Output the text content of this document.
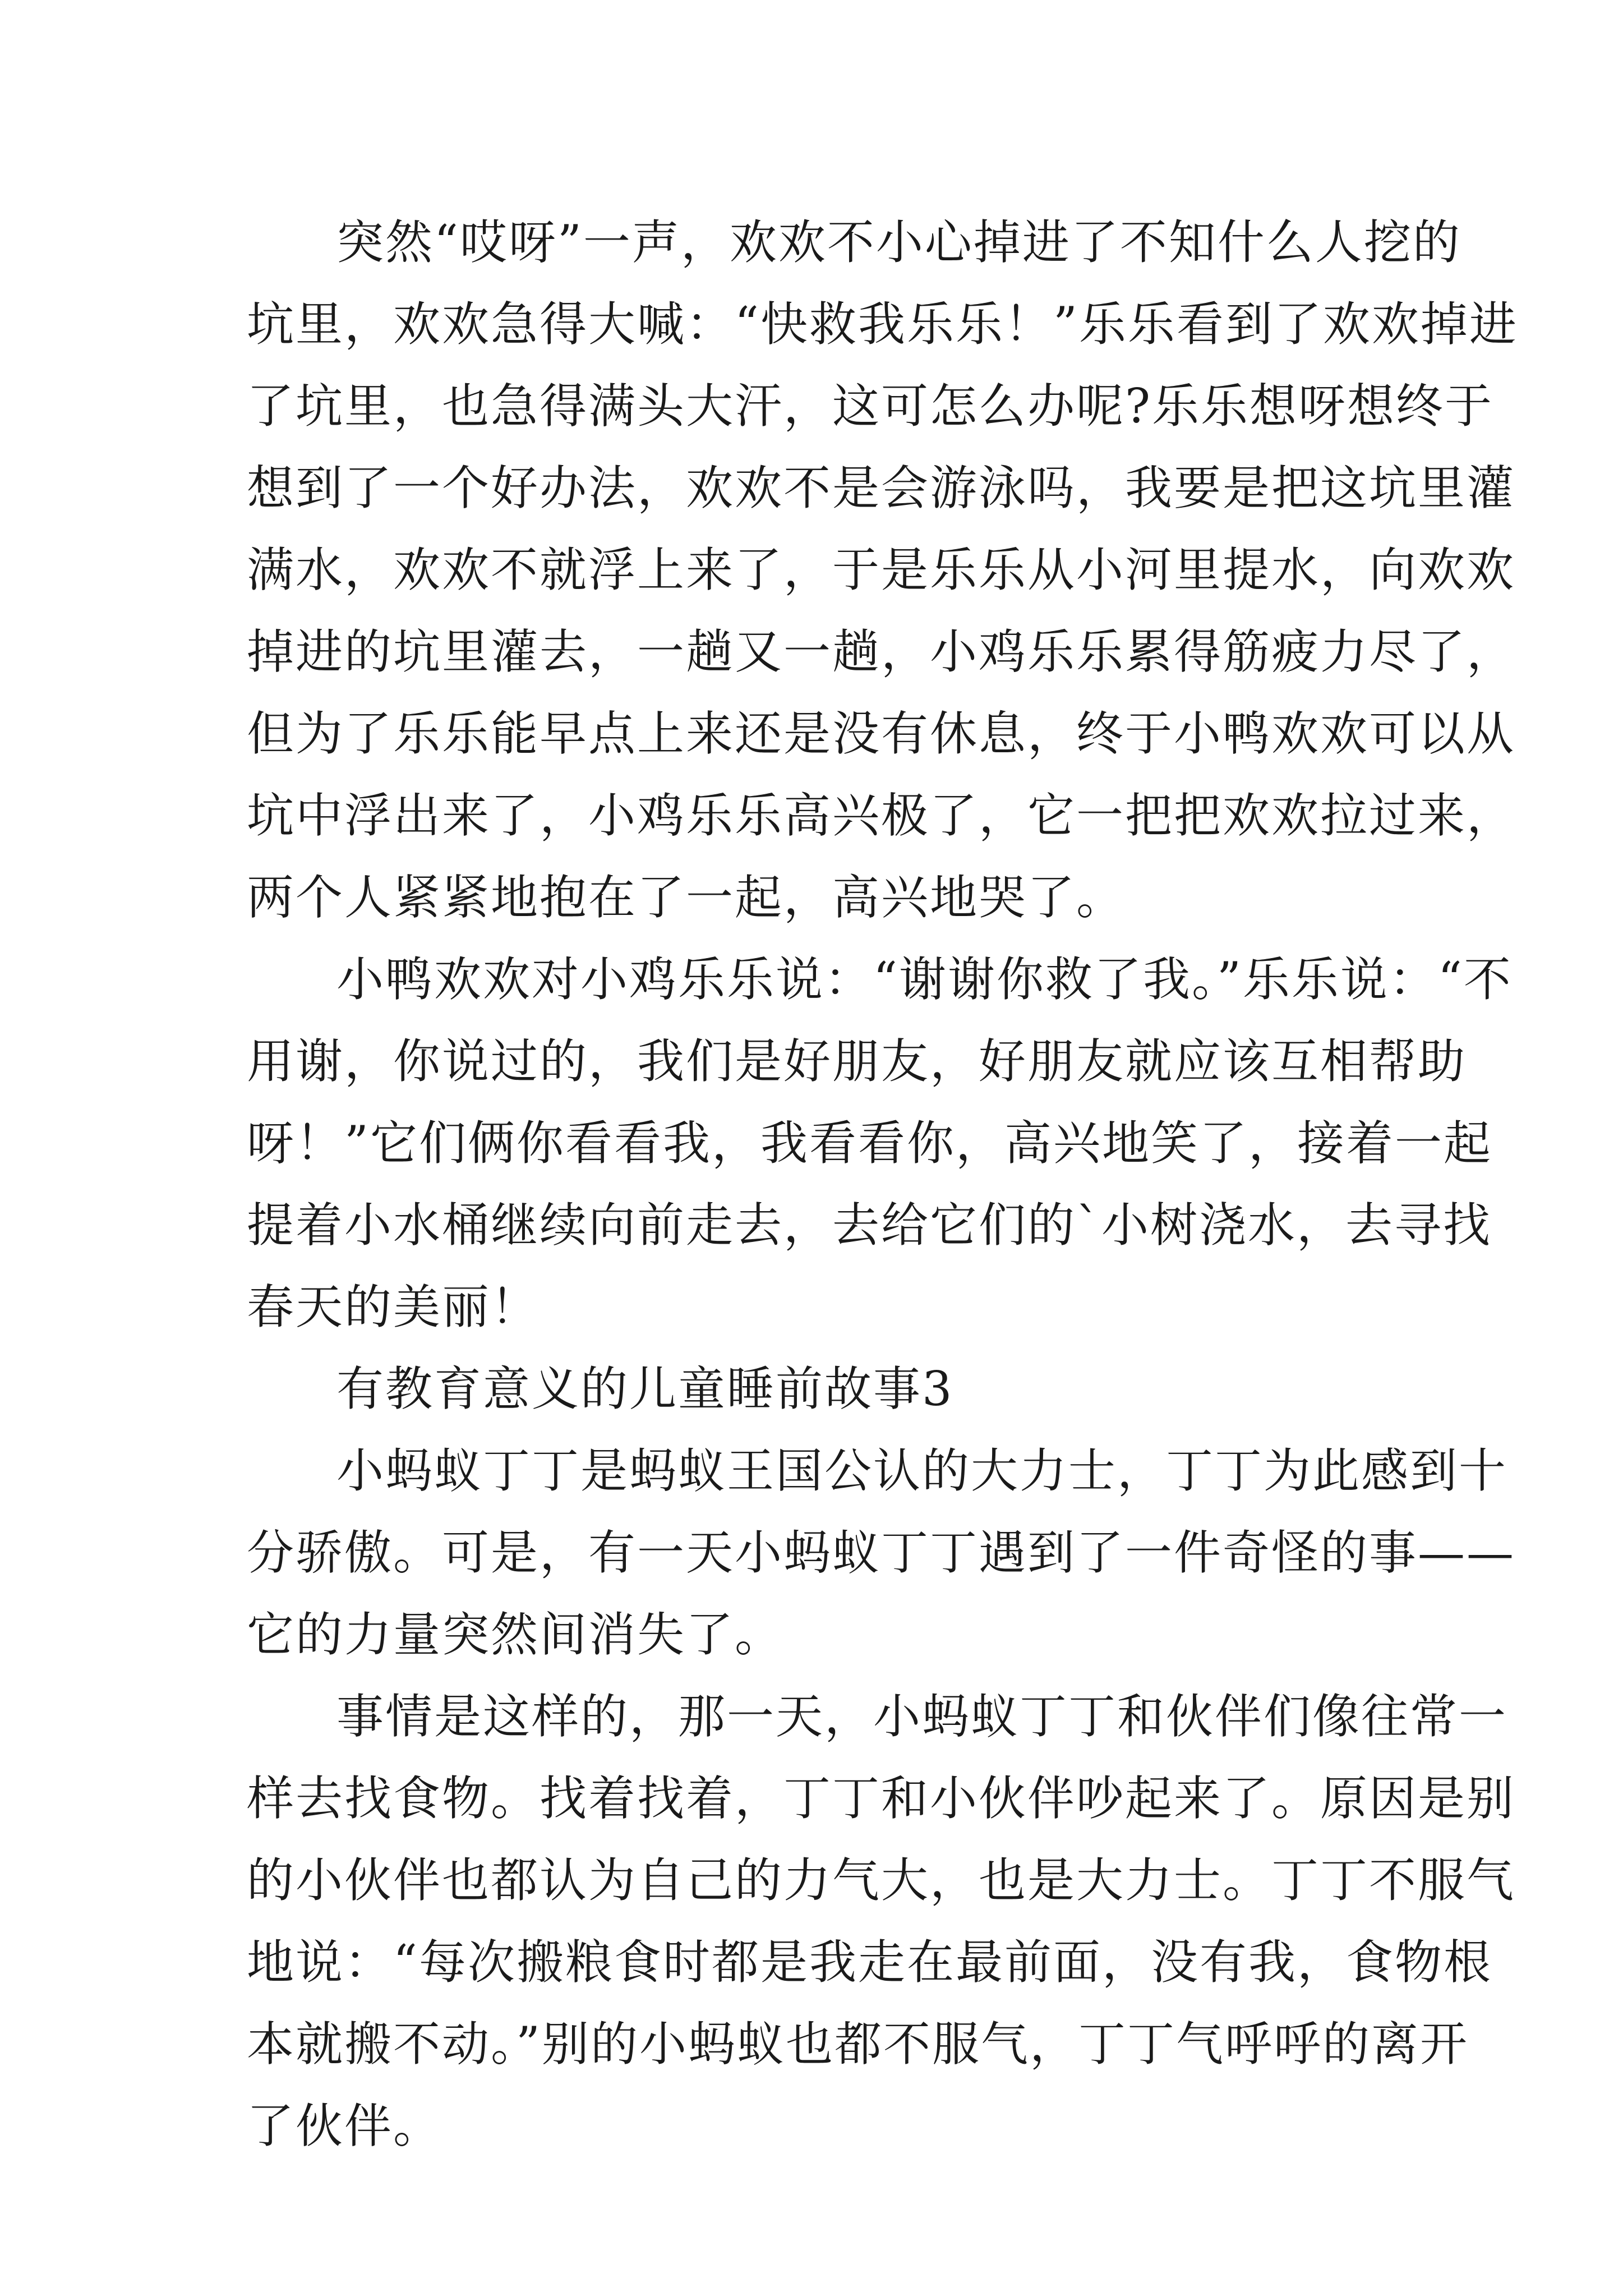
突然“哎呀”一声，欢欢不小心掉进了不知什么人挖的
坑里，欢欢急得大喊：“快救我乐乐！”乐乐看到了欢欢掉进
了坑里，也急得满头大汗，这可怎么办呢?乐乐想呀想终于
想到了一个好办法，欢欢不是会游泳吗，我要是把这坑里灌
满水，欢欢不就浮上来了，于是乐乐从小河里提水，向欢欢
掉进的坑里灌去，一趟又一趟，小鸡乐乐累得筋疲力尽了，
但为了乐乐能早点上来还是没有休息，终于小鸭欢欢可以从
坑中浮出来了，小鸡乐乐高兴极了，它一把把欢欢拉过来，
两个人紧紧地抱在了一起，高兴地哭了。
小鸭欢欢对小鸡乐乐说：“谢谢你救了我。”乐乐说：“不
用谢，你说过的，我们是好朋友，好朋友就应该互相帮助
呀！”它们俩你看看我，我看看你，高兴地笑了，接着一起
提着小水桶继续向前走去，去给它们的`小树浇水，去寻找
春天的美丽！
有教育意义的儿童睡前故事3
小蚂蚁丁丁是蚂蚁王国公认的大力士，丁丁为此感到十
分骄傲。可是，有一天小蚂蚁丁丁遇到了一件奇怪的事——
它的力量突然间消失了。
事情是这样的，那一天，小蚂蚁丁丁和伙伴们像往常一
样去找食物。找着找着，丁丁和小伙伴吵起来了。原因是别
的小伙伴也都认为自己的力气大，也是大力士。丁丁不服气
地说：“每次搬粮食时都是我走在最前面，没有我，食物根
本就搬不动。”别的小蚂蚁也都不服气，丁丁气呼呼的离开
了伙伴。
